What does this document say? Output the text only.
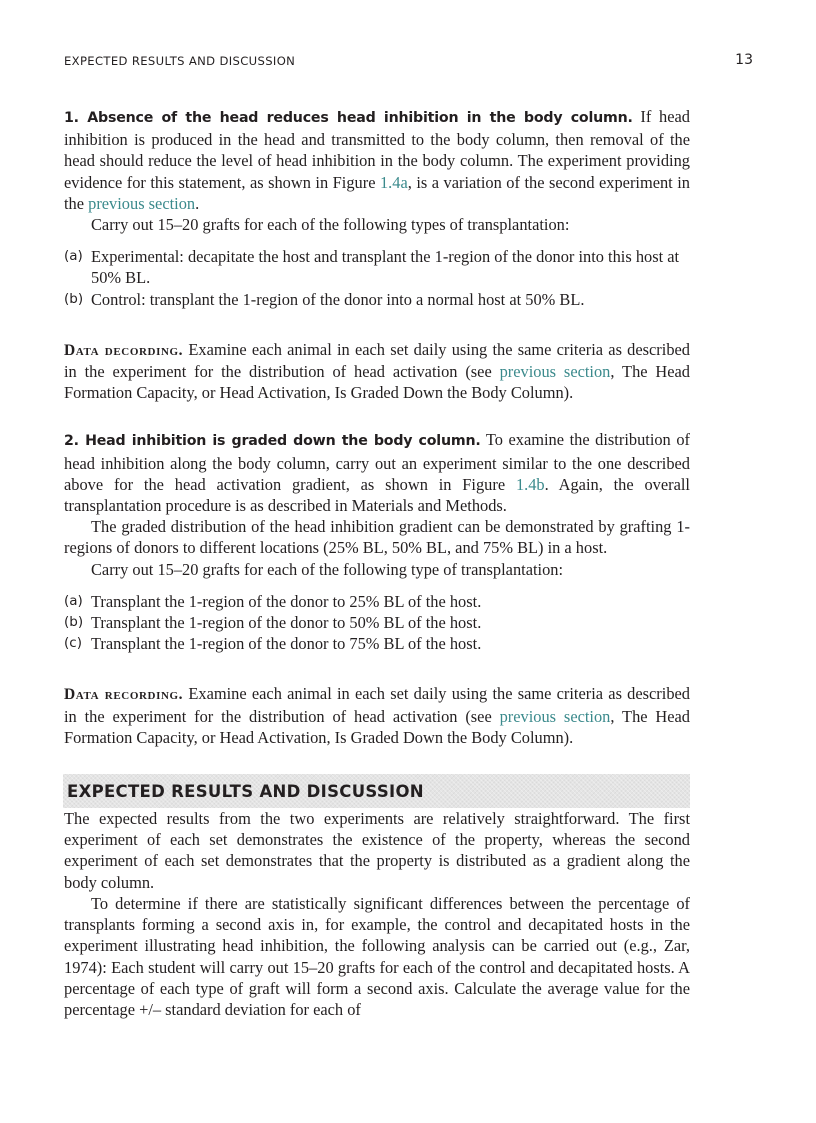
EXPECTED RESULTS AND DISCUSSION	13

1. Absence of the head reduces head inhibition in the body column. If head inhibition is produced in the head and transmitted to the body column, then removal of the head should reduce the level of head inhibition in the body column. The experiment providing evidence for this statement, as shown in Figure 1.4a, is a variation of the second experiment in the previous section.

Carry out 15–20 grafts for each of the following types of transplantation:

(a) Experimental: decapitate the host and transplant the 1-region of the donor into this host at 50% BL.
(b) Control: transplant the 1-region of the donor into a normal host at 50% BL.

Data decording. Examine each animal in each set daily using the same criteria as described in the experiment for the distribution of head activation (see previous section, The Head Formation Capacity, or Head Activation, Is Graded Down the Body Column).

2. Head inhibition is graded down the body column. To examine the distribution of head inhibition along the body column, carry out an experiment similar to the one described above for the head activation gradient, as shown in Figure 1.4b. Again, the overall transplantation procedure is as described in Materials and Methods.

The graded distribution of the head inhibition gradient can be demonstrated by grafting 1-regions of donors to different locations (25% BL, 50% BL, and 75% BL) in a host.

Carry out 15–20 grafts for each of the following type of transplantation:

(a) Transplant the 1-region of the donor to 25% BL of the host.
(b) Transplant the 1-region of the donor to 50% BL of the host.
(c) Transplant the 1-region of the donor to 75% BL of the host.

Data recording. Examine each animal in each set daily using the same criteria as described in the experiment for the distribution of head activation (see previous section, The Head Formation Capacity, or Head Activation, Is Graded Down the Body Column).

EXPECTED RESULTS AND DISCUSSION

The expected results from the two experiments are relatively straightforward. The first experiment of each set demonstrates the existence of the property, whereas the second experiment of each set demonstrates that the property is distributed as a gradient along the body column.

To determine if there are statistically significant differences between the percentage of transplants forming a second axis in, for example, the control and decapitated hosts in the experiment illustrating head inhibition, the following analysis can be carried out (e.g., Zar, 1974): Each student will carry out 15–20 grafts for each of the control and decapitated hosts. A percentage of each type of graft will form a second axis. Calculate the average value for the percentage +/– standard deviation for each of
